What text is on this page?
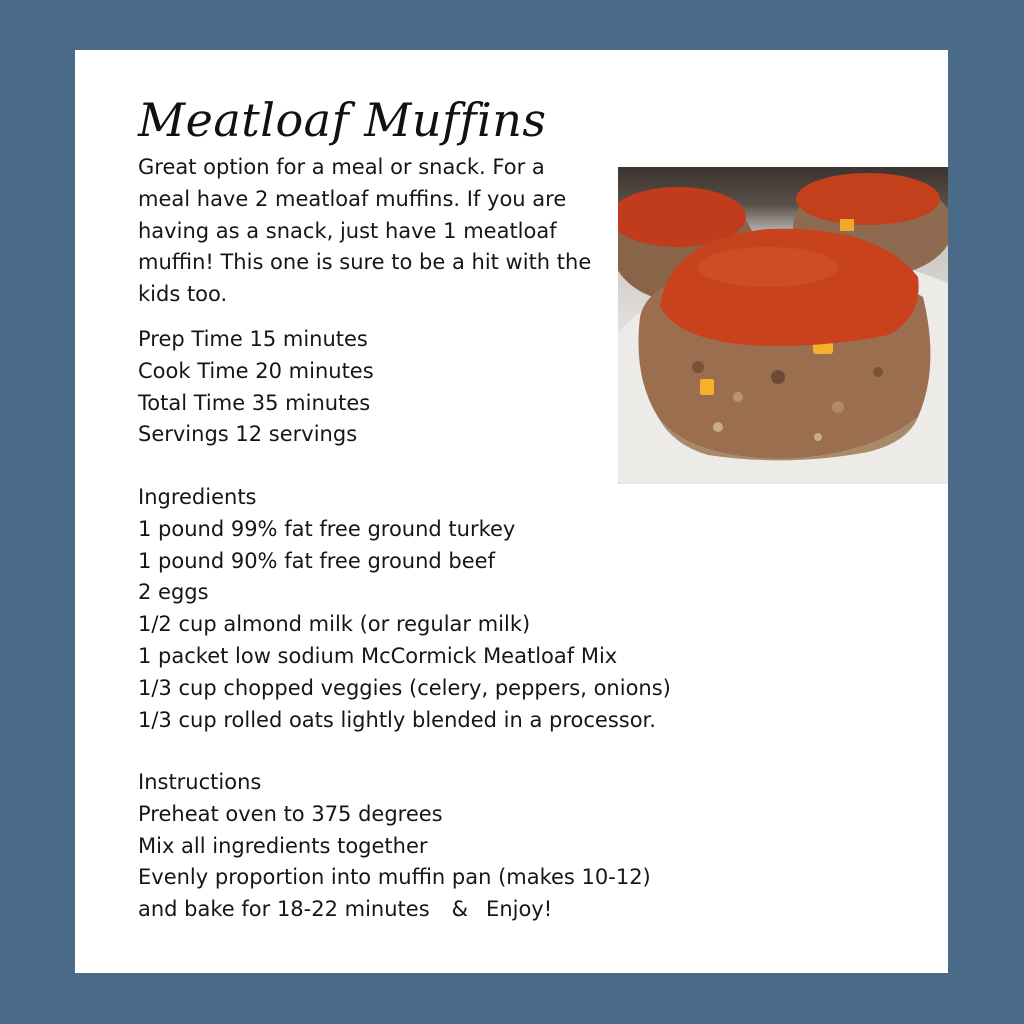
Meatloaf Muffins

Great option for a meal or snack. For a meal have 2 meatloaf muffins. If you are having as a snack, just have 1 meatloaf muffin! This one is sure to be a hit with the kids too.

Prep Time 15 minutes
Cook Time 20 minutes
Total Time 35 minutes
Servings 12 servings
Ingredients
1 pound 99% fat free ground turkey
1 pound 90% fat free ground beef
2 eggs
1/2 cup almond milk (or regular milk)
1 packet low sodium McCormick Meatloaf Mix
1/3 cup chopped veggies (celery, peppers, onions)
1/3 cup rolled oats lightly blended in a processor.
Instructions
Preheat oven to 375 degrees
Mix all ingredients together
Evenly proportion into muffin pan (makes 10-12)
and bake for 18-22 minutes & Enjoy!
